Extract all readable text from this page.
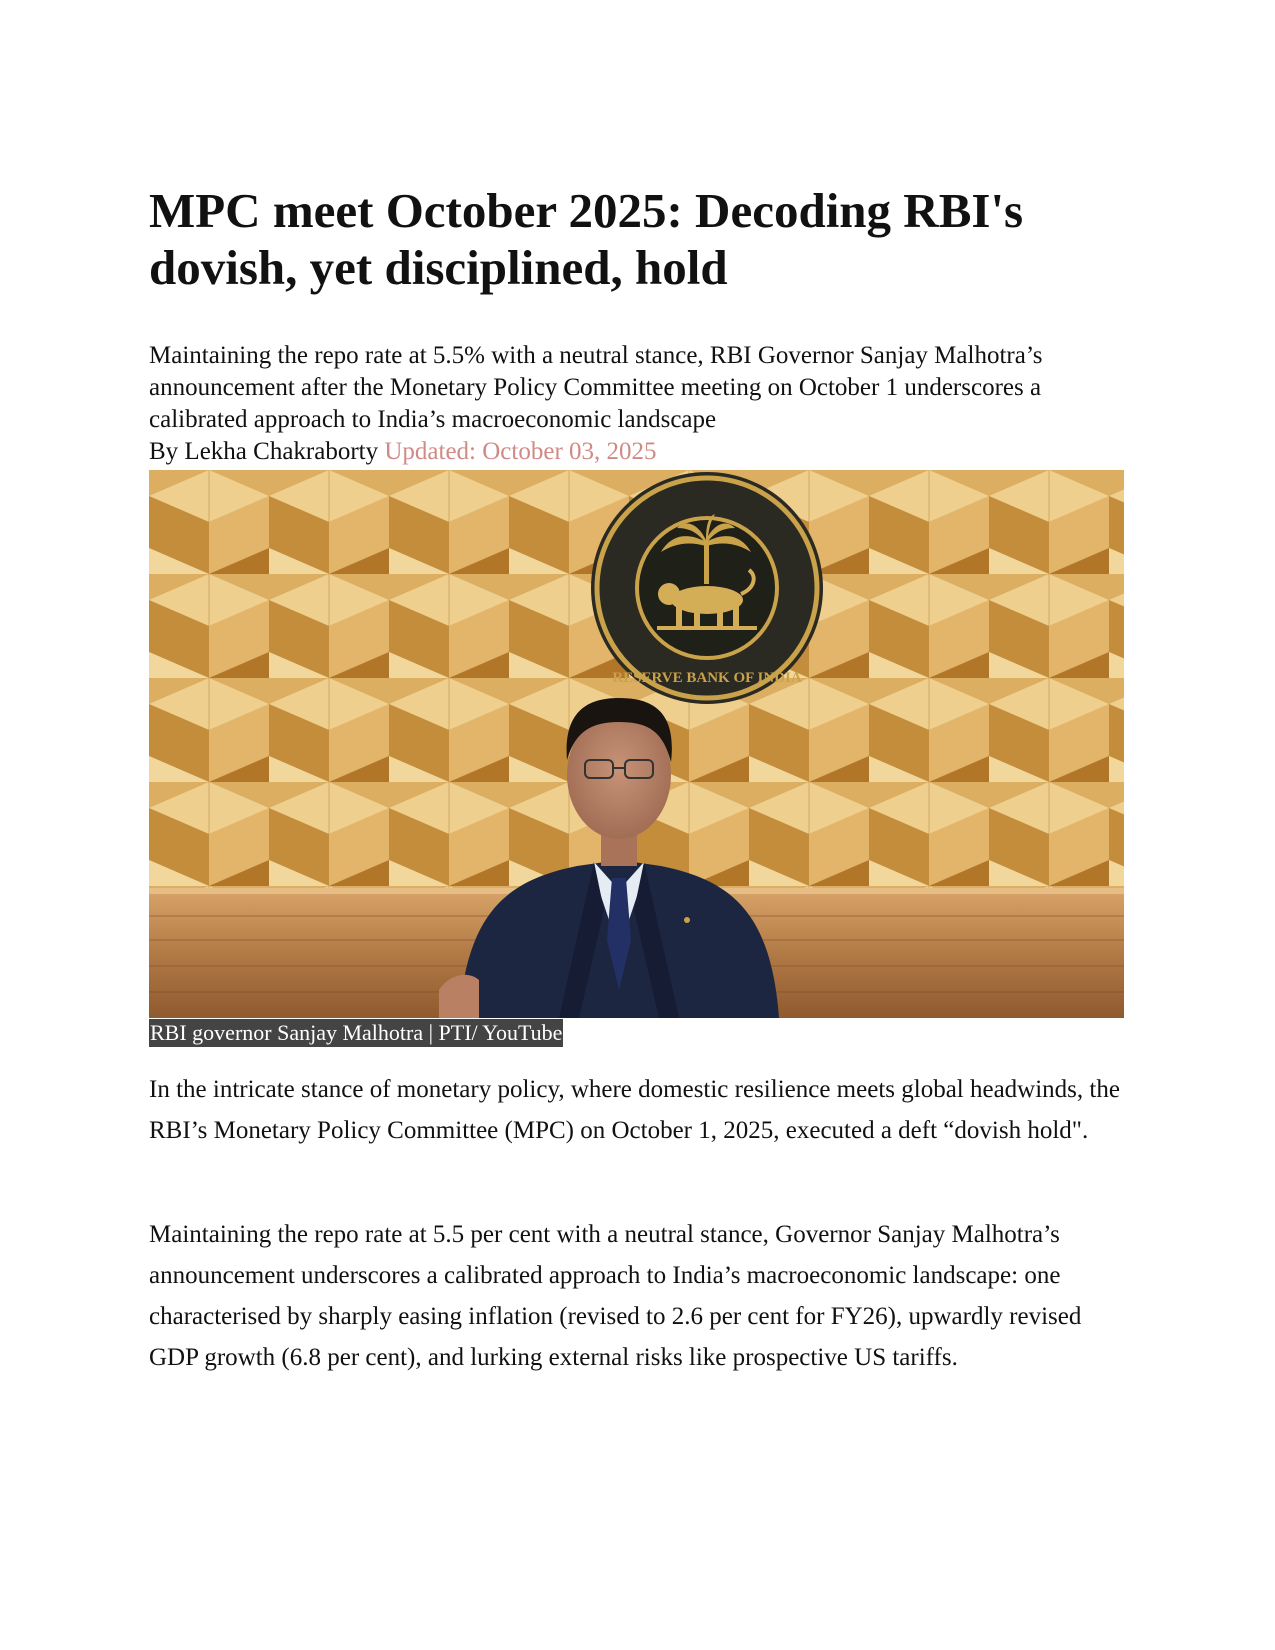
MPC meet October 2025: Decoding RBI's dovish, yet disciplined, hold

Maintaining the repo rate at 5.5% with a neutral stance, RBI Governor Sanjay Malhotra’s announcement after the Monetary Policy Committee meeting on October 1 underscores a calibrated approach to India’s macroeconomic landscape

By Lekha Chakraborty Updated: October 03, 2025
RESERVE BANK OF INDIA
RBI governor Sanjay Malhotra | PTI/ YouTube

In the intricate stance of monetary policy, where domestic resilience meets global headwinds, the RBI’s Monetary Policy Committee (MPC) on October 1, 2025, executed a deft “dovish hold".

Maintaining the repo rate at 5.5 per cent with a neutral stance, Governor Sanjay Malhotra’s announcement underscores a calibrated approach to India’s macroeconomic landscape: one characterised by sharply easing inflation (revised to 2.6 per cent for FY26), upwardly revised GDP growth (6.8 per cent), and lurking external risks like prospective US tariffs.
